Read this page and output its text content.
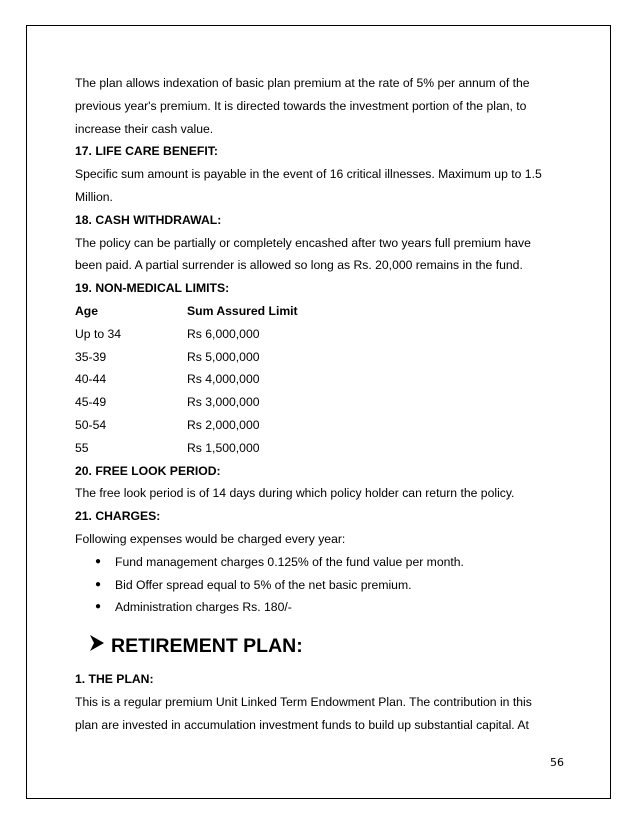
The plan allows indexation of basic plan premium at the rate of 5% per annum of the

previous year's premium. It is directed towards the investment portion of the plan, to

increase their cash value.

17. LIFE CARE BENEFIT:

Specific sum amount is payable in the event of 16 critical illnesses. Maximum up to 1.5

Million.

18. CASH WITHDRAWAL:

The policy can be partially or completely encashed after two years full premium have

been paid. A partial surrender is allowed so long as Rs. 20,000 remains in the fund.

19. NON-MEDICAL LIMITS:

Age	Sum Assured Limit
Up to 34	Rs 6,000,000
35-39	Rs 5,000,000
40-44	Rs 4,000,000
45-49	Rs 3,000,000
50-54	Rs 2,000,000
55	Rs 1,500,000

20. FREE LOOK PERIOD:

The free look period is of 14 days during which policy holder can return the policy.

21. CHARGES:

Following expenses would be charged every year:

●	Fund management charges 0.125% of the fund value per month.
●	Bid Offer spread equal to 5% of the net basic premium.
●	Administration charges Rs. 180/-
RETIREMENT PLAN:

1. THE PLAN:

This is a regular premium Unit Linked Term Endowment Plan. The contribution in this

plan are invested in accumulation investment funds to build up substantial capital. At

56
